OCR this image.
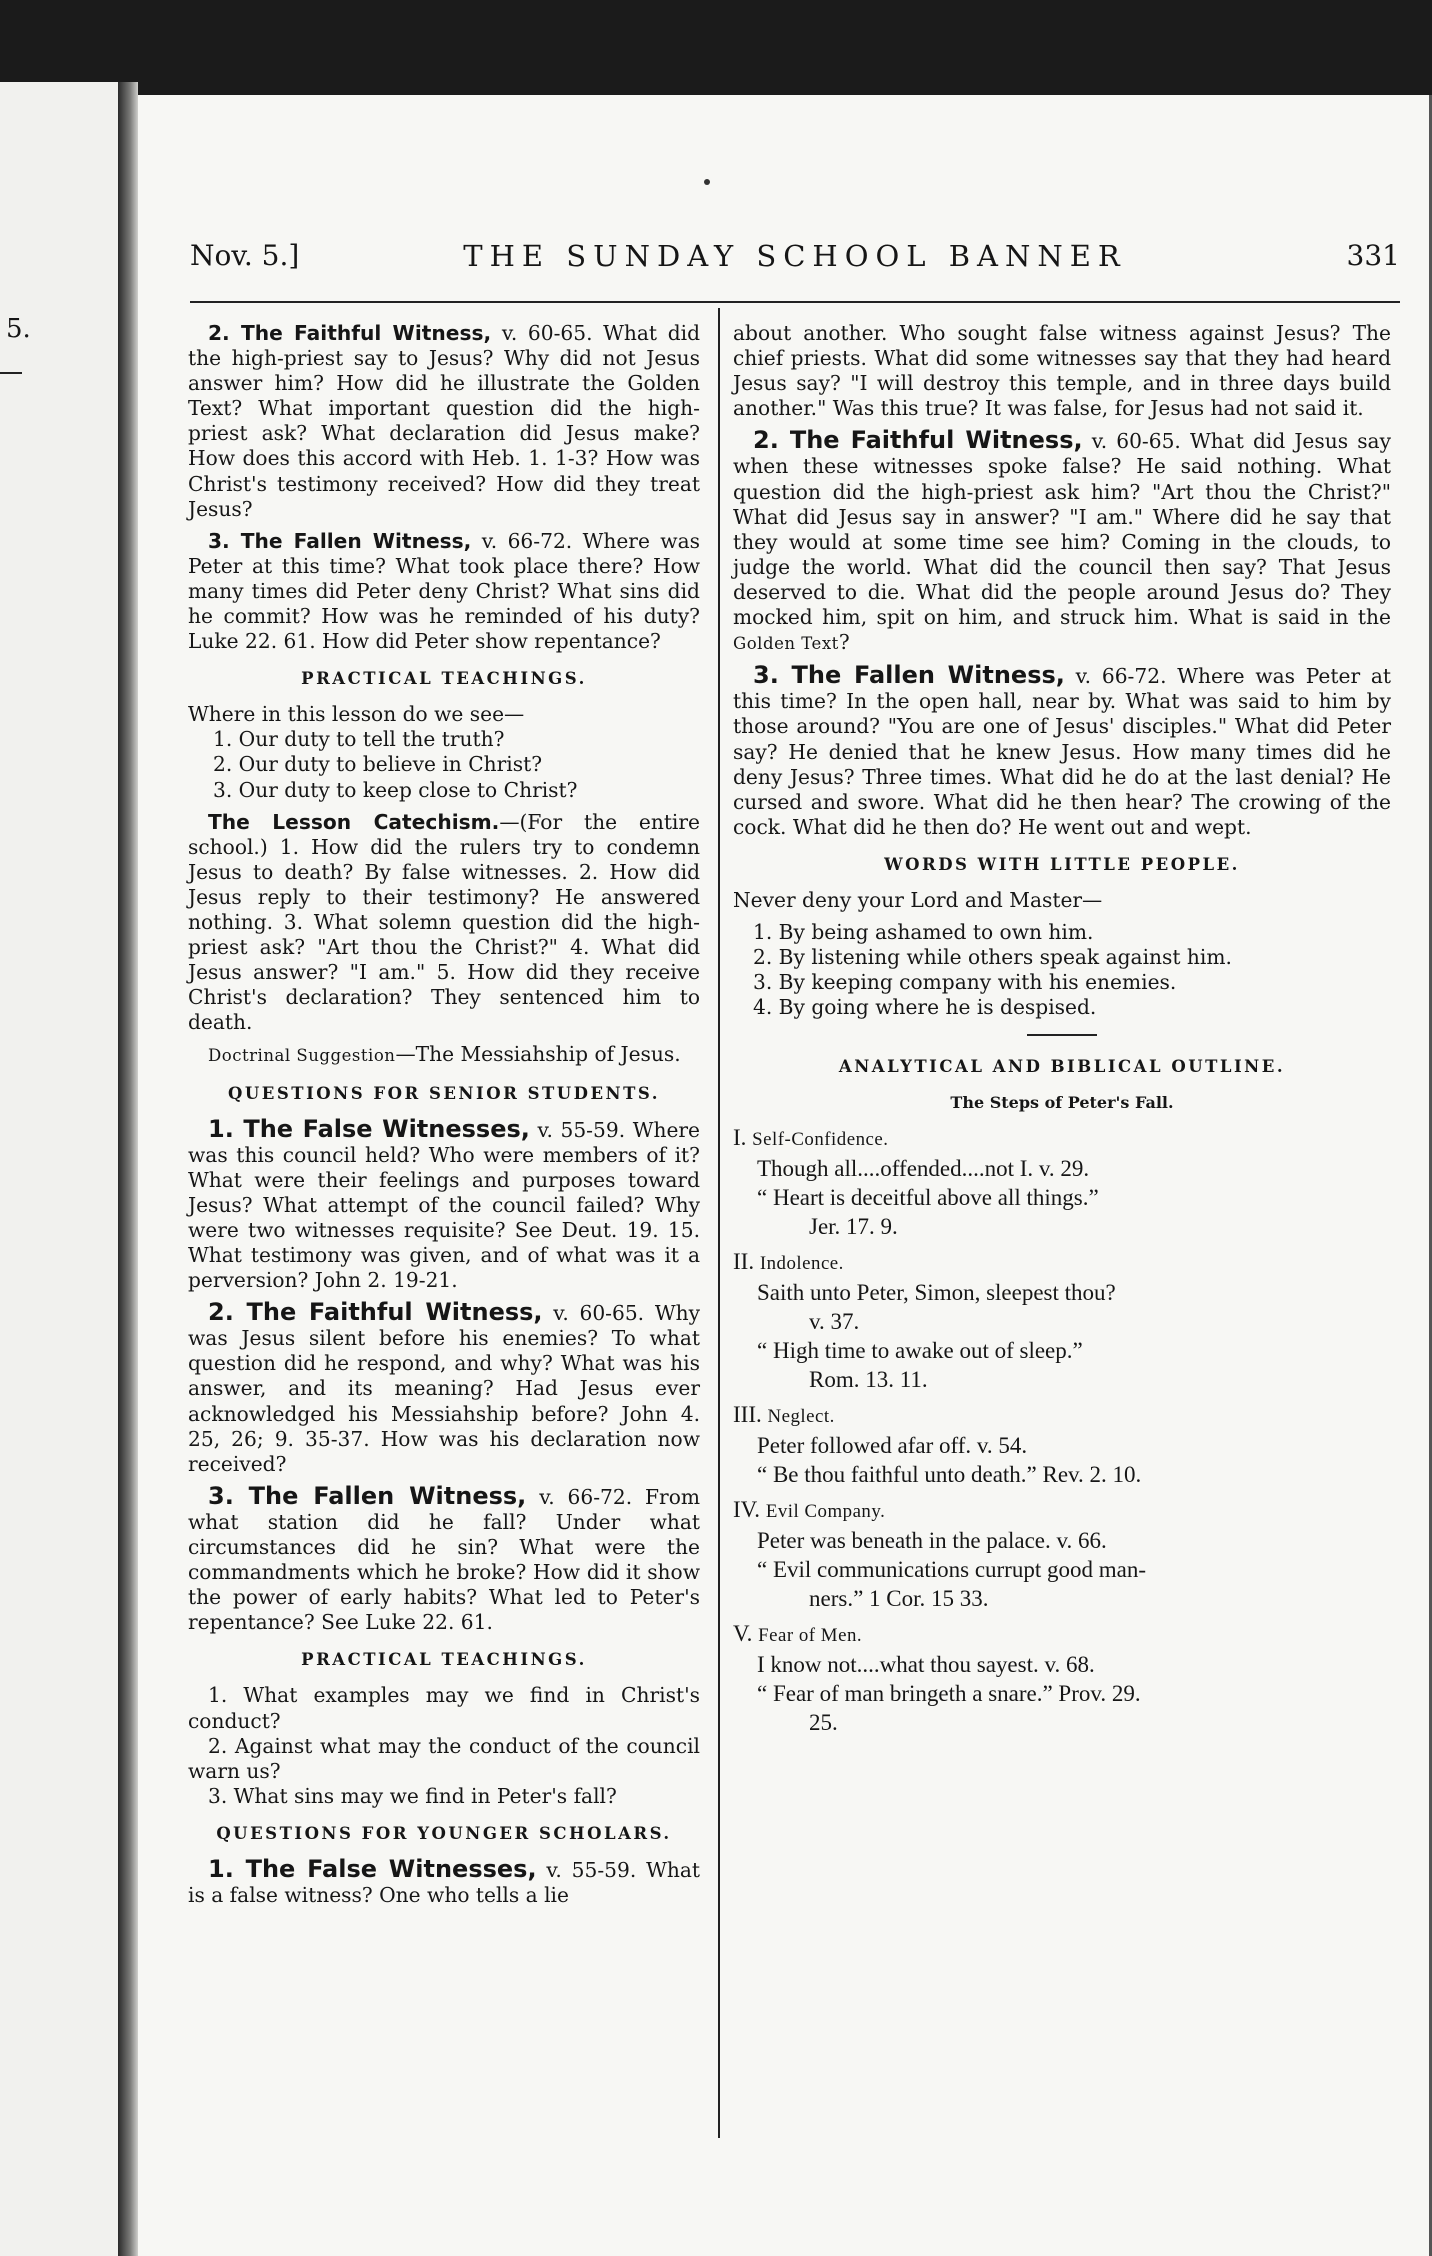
5.
Nov. 5.]	THE SUNDAY SCHOOL BANNER	331

2. The Faithful Witness, v. 60-65. What did the high-priest say to Jesus? Why did not Jesus answer him? How did he illustrate the Golden Text? What important question did the high-priest ask? What declaration did Jesus make? How does this accord with Heb. 1. 1-3? How was Christ's testimony received? How did they treat Jesus?

3. The Fallen Witness, v. 66-72. Where was Peter at this time? What took place there? How many times did Peter deny Christ? What sins did he commit? How was he reminded of his duty? Luke 22. 61. How did Peter show repentance?

PRACTICAL TEACHINGS.

Where in this lesson do we see—

1. Our duty to tell the truth?

2. Our duty to believe in Christ?

3. Our duty to keep close to Christ?

The Lesson Catechism.—(For the entire school.) 1. How did the rulers try to condemn Jesus to death? By false witnesses. 2. How did Jesus reply to their testimony? He answered nothing. 3. What solemn question did the high-priest ask? "Art thou the Christ?" 4. What did Jesus answer? "I am." 5. How did they receive Christ's declaration? They sentenced him to death.

Doctrinal Suggestion—The Messiahship of Jesus.

QUESTIONS FOR SENIOR STUDENTS.

1. The False Witnesses, v. 55-59. Where was this council held? Who were members of it? What were their feelings and purposes toward Jesus? What attempt of the council failed? Why were two witnesses requisite? See Deut. 19. 15. What testimony was given, and of what was it a perversion? John 2. 19-21.

2. The Faithful Witness, v. 60-65. Why was Jesus silent before his enemies? To what question did he respond, and why? What was his answer, and its meaning? Had Jesus ever acknowledged his Messiahship before? John 4. 25, 26; 9. 35-37. How was his declaration now received?

3. The Fallen Witness, v. 66-72. From what station did he fall? Under what circumstances did he sin? What were the commandments which he broke? How did it show the power of early habits? What led to Peter's repentance? See Luke 22. 61.

PRACTICAL TEACHINGS.

1. What examples may we find in Christ's conduct?

2. Against what may the conduct of the council warn us?

3. What sins may we find in Peter's fall?

QUESTIONS FOR YOUNGER SCHOLARS.

1. The False Witnesses, v. 55-59. What is a false witness? One who tells a lie

about another. Who sought false witness against Jesus? The chief priests. What did some witnesses say that they had heard Jesus say? "I will destroy this temple, and in three days build another." Was this true? It was false, for Jesus had not said it.

2. The Faithful Witness, v. 60-65. What did Jesus say when these witnesses spoke false? He said nothing. What question did the high-priest ask him? "Art thou the Christ?" What did Jesus say in answer? "I am." Where did he say that they would at some time see him? Coming in the clouds, to judge the world. What did the council then say? That Jesus deserved to die. What did the people around Jesus do? They mocked him, spit on him, and struck him. What is said in the Golden Text?

3. The Fallen Witness, v. 66-72. Where was Peter at this time? In the open hall, near by. What was said to him by those around? "You are one of Jesus' disciples." What did Peter say? He denied that he knew Jesus. How many times did he deny Jesus? Three times. What did he do at the last denial? He cursed and swore. What did he then hear? The crowing of the cock. What did he then do? He went out and wept.

WORDS WITH LITTLE PEOPLE.

Never deny your Lord and Master—

1. By being ashamed to own him.

2. By listening while others speak against him.

3. By keeping company with his enemies.

4. By going where he is despised.

ANALYTICAL AND BIBLICAL OUTLINE.
The Steps of Peter's Fall.
I. Self-Confidence.
Though all....offended....not I. v. 29.
“ Heart is deceitful above all things.”
Jer. 17. 9.
II. Indolence.
Saith unto Peter, Simon, sleepest thou?
v. 37.
“ High time to awake out of sleep.”
Rom. 13. 11.
III. Neglect.
Peter followed afar off. v. 54.
“ Be thou faithful unto death.” Rev. 2. 10.
IV. Evil Company.
Peter was beneath in the palace. v. 66.
“ Evil communications currupt good man-
ners.” 1 Cor. 15 33.
V. Fear of Men.
I know not....what thou sayest. v. 68.
“ Fear of man bringeth a snare.” Prov. 29.
25.
